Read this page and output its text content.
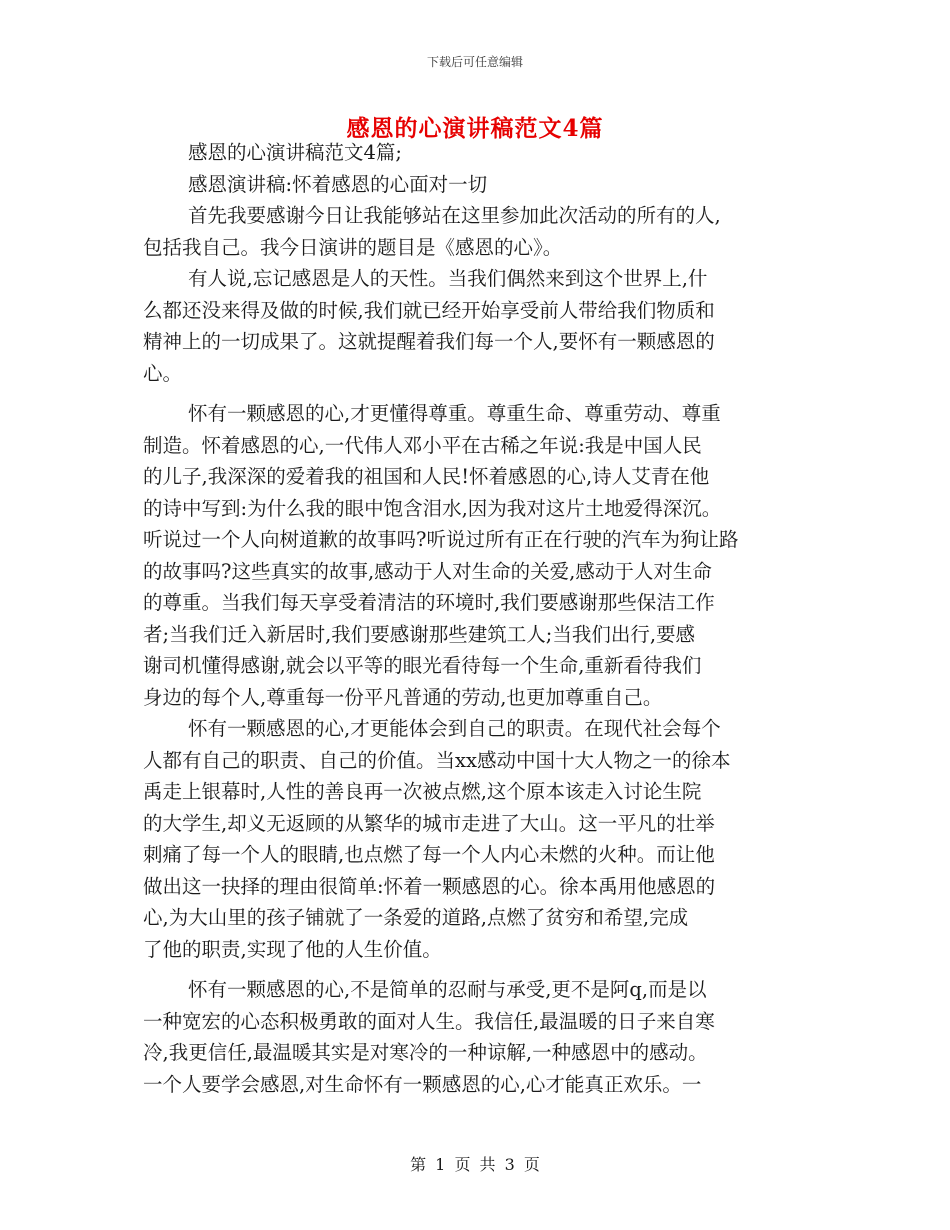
下载后可任意编辑
感恩的心演讲稿范文4篇
感恩的心演讲稿范文4篇;
感恩演讲稿:怀着感恩的心面对一切
首先我要感谢今日让我能够站在这里参加此次活动的所有的人,
包括我自己。我今日演讲的题目是《感恩的心》。
有人说,忘记感恩是人的天性。当我们偶然来到这个世界上,什
么都还没来得及做的时候,我们就已经开始享受前人带给我们物质和
精神上的一切成果了。这就提醒着我们每一个人,要怀有一颗感恩的
心。
怀有一颗感恩的心,才更懂得尊重。尊重生命、尊重劳动、尊重
制造。怀着感恩的心,一代伟人邓小平在古稀之年说:我是中国人民
的儿子,我深深的爱着我的祖国和人民!怀着感恩的心,诗人艾青在他
的诗中写到:为什么我的眼中饱含泪水,因为我对这片土地爱得深沉。
听说过一个人向树道歉的故事吗?听说过所有正在行驶的汽车为狗让路
的故事吗?这些真实的故事,感动于人对生命的关爱,感动于人对生命
的尊重。当我们每天享受着清洁的环境时,我们要感谢那些保洁工作
者;当我们迁入新居时,我们要感谢那些建筑工人;当我们出行,要感
谢司机懂得感谢,就会以平等的眼光看待每一个生命,重新看待我们
身边的每个人,尊重每一份平凡普通的劳动,也更加尊重自己。
怀有一颗感恩的心,才更能体会到自己的职责。在现代社会每个
人都有自己的职责、自己的价值。当xx感动中国十大人物之一的徐本
禹走上银幕时,人性的善良再一次被点燃,这个原本该走入讨论生院
的大学生,却义无返顾的从繁华的城市走进了大山。这一平凡的壮举
刺痛了每一个人的眼睛,也点燃了每一个人内心未燃的火种。而让他
做出这一抉择的理由很简单:怀着一颗感恩的心。徐本禹用他感恩的
心,为大山里的孩子铺就了一条爱的道路,点燃了贫穷和希望,完成
了他的职责,实现了他的人生价值。
怀有一颗感恩的心,不是简单的忍耐与承受,更不是阿q,而是以
一种宽宏的心态积极勇敢的面对人生。我信任,最温暖的日子来自寒
冷,我更信任,最温暖其实是对寒冷的一种谅解,一种感恩中的感动。
一个人要学会感恩,对生命怀有一颗感恩的心,心才能真正欢乐。一
第 1 页 共 3 页
